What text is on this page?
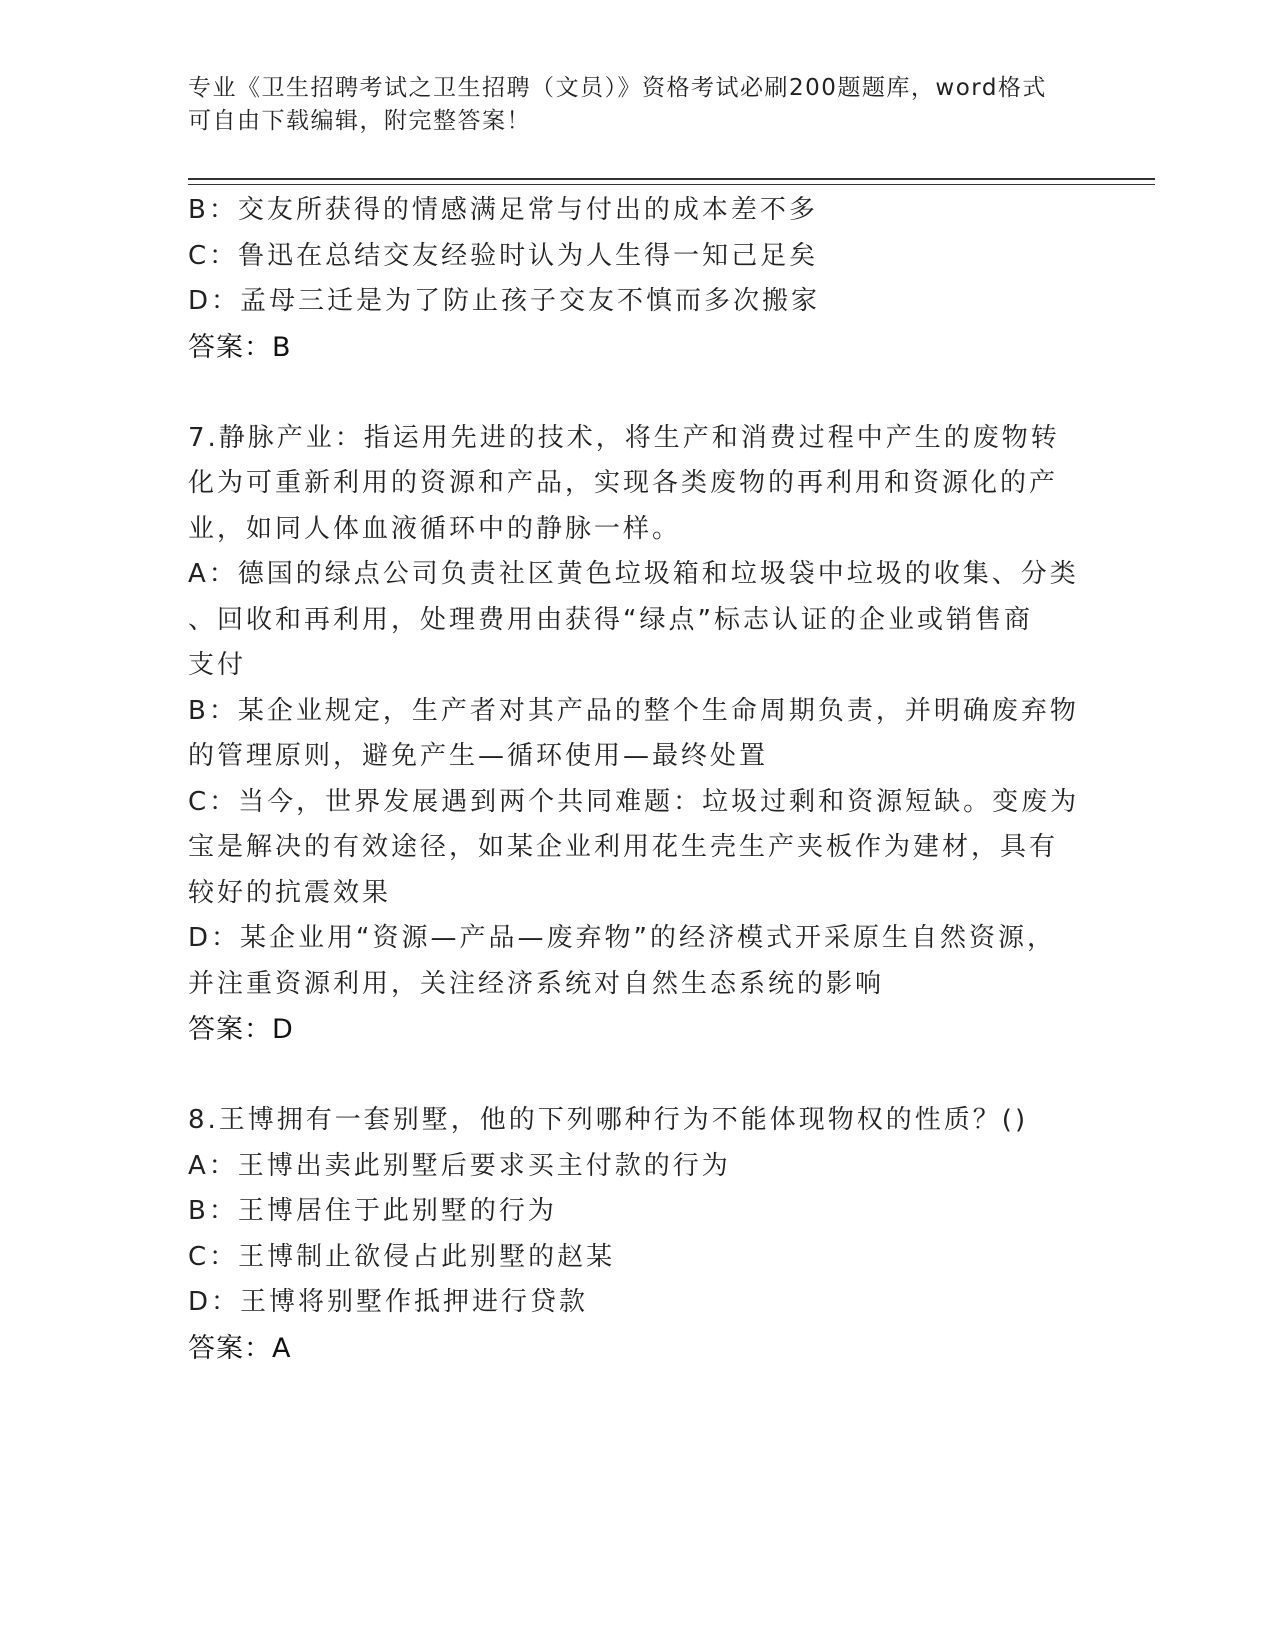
专业《卫生招聘考试之卫生招聘（文员）》资格考试必刷200题题库，word格式
可自由下载编辑，附完整答案！
B：交友所获得的情感满足常与付出的成本差不多
C：鲁迅在总结交友经验时认为人生得一知己足矣
D：孟母三迁是为了防止孩子交友不慎而多次搬家
答案：B
7.静脉产业：指运用先进的技术，将生产和消费过程中产生的废物转
化为可重新利用的资源和产品，实现各类废物的再利用和资源化的产
业，如同人体血液循环中的静脉一样。
A：德国的绿点公司负责社区黄色垃圾箱和垃圾袋中垃圾的收集、分类
、回收和再利用，处理费用由获得“绿点”标志认证的企业或销售商
支付
B：某企业规定，生产者对其产品的整个生命周期负责，并明确废弃物
的管理原则，避免产生—循环使用—最终处置
C：当今，世界发展遇到两个共同难题：垃圾过剩和资源短缺。变废为
宝是解决的有效途径，如某企业利用花生壳生产夹板作为建材，具有
较好的抗震效果
D：某企业用“资源—产品—废弃物”的经济模式开采原生自然资源，
并注重资源利用，关注经济系统对自然生态系统的影响
答案：D
8.王博拥有一套别墅，他的下列哪种行为不能体现物权的性质？()
A：王博出卖此别墅后要求买主付款的行为
B：王博居住于此别墅的行为
C：王博制止欲侵占此别墅的赵某
D：王博将别墅作抵押进行贷款
答案：A
